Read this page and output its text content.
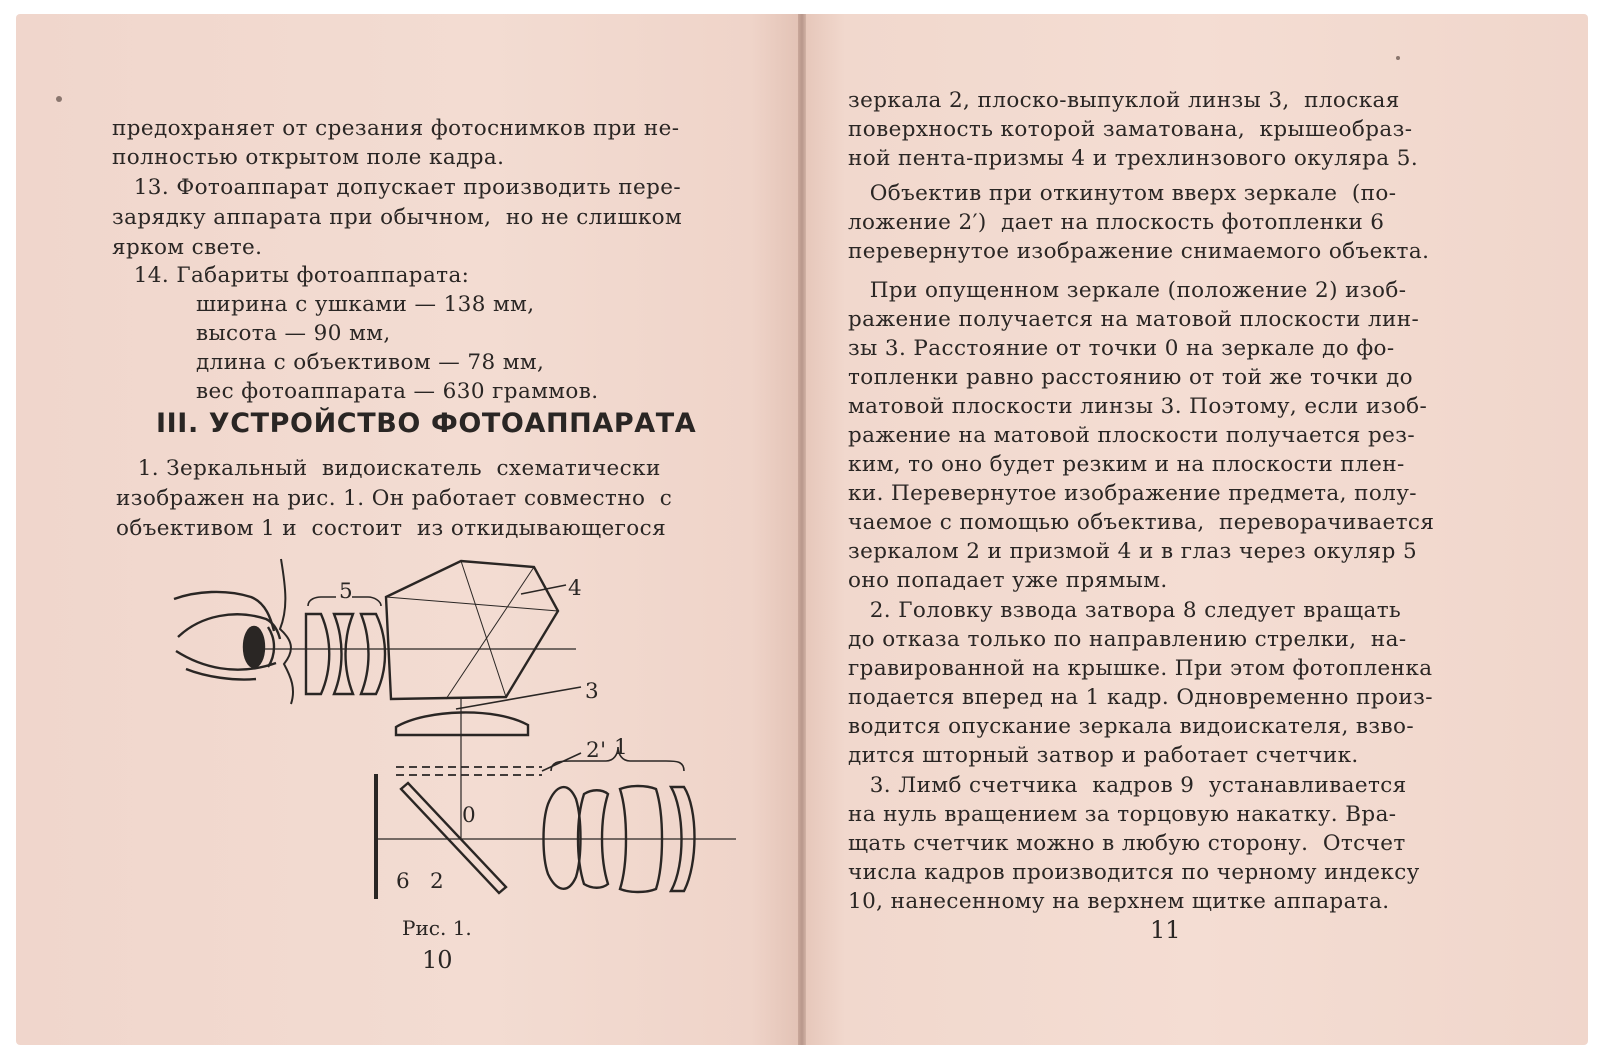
предохраняет от срезания фотоснимков при не-
полностью открытом поле кадра.
13. Фотоаппарат допускает производить пере-
зарядку аппарата при обычном,  но не слишком
ярком свете.
14. Габариты фотоаппарата:
ширина с ушками — 138 мм,
высота — 90 мм,
длина с объективом — 78 мм,
вес фотоаппарата — 630 граммов.
III. УСТРОЙСТВО ФОТОАППАРАТА
1. Зеркальный  видоискатель  схематически
изображен на рис. 1. Он работает совместно  с
объективом 1 и  состоит  из откидывающегося
5	4
3
2' 1
0
6 2
Рис. 1.
10
зеркала 2, плоско-выпуклой линзы 3,  плоская
поверхность которой заматована,  крышеобраз-
ной пента-призмы 4 и трехлинзового окуляра 5.
Объектив при откинутом вверх зеркале  (по-
ложение 2′)  дает на плоскость фотопленки 6
перевернутое изображение снимаемого объекта.
При опущенном зеркале (положение 2) изоб-
ражение получается на матовой плоскости лин-
зы 3. Расстояние от точки 0 на зеркале до фо-
топленки равно расстоянию от той же точки до
матовой плоскости линзы 3. Поэтому, если изоб-
ражение на матовой плоскости получается рез-
ким, то оно будет резким и на плоскости плен-
ки. Перевернутое изображение предмета, полу-
чаемое с помощью объектива,  переворачивается
зеркалом 2 и призмой 4 и в глаз через окуляр 5
оно попадает уже прямым.
2. Головку взвода затвора 8 следует вращать
до отказа только по направлению стрелки,  на-
гравированной на крышке. При этом фотопленка
подается вперед на 1 кадр. Одновременно произ-
водится опускание зеркала видоискателя, взво-
дится шторный затвор и работает счетчик.
3. Лимб счетчика  кадров 9  устанавливается
на нуль вращением за торцовую накатку. Вра-
щать счетчик можно в любую сторону.  Отсчет
числа кадров производится по черному индексу
10, нанесенному на верхнем щитке аппарата.
11
